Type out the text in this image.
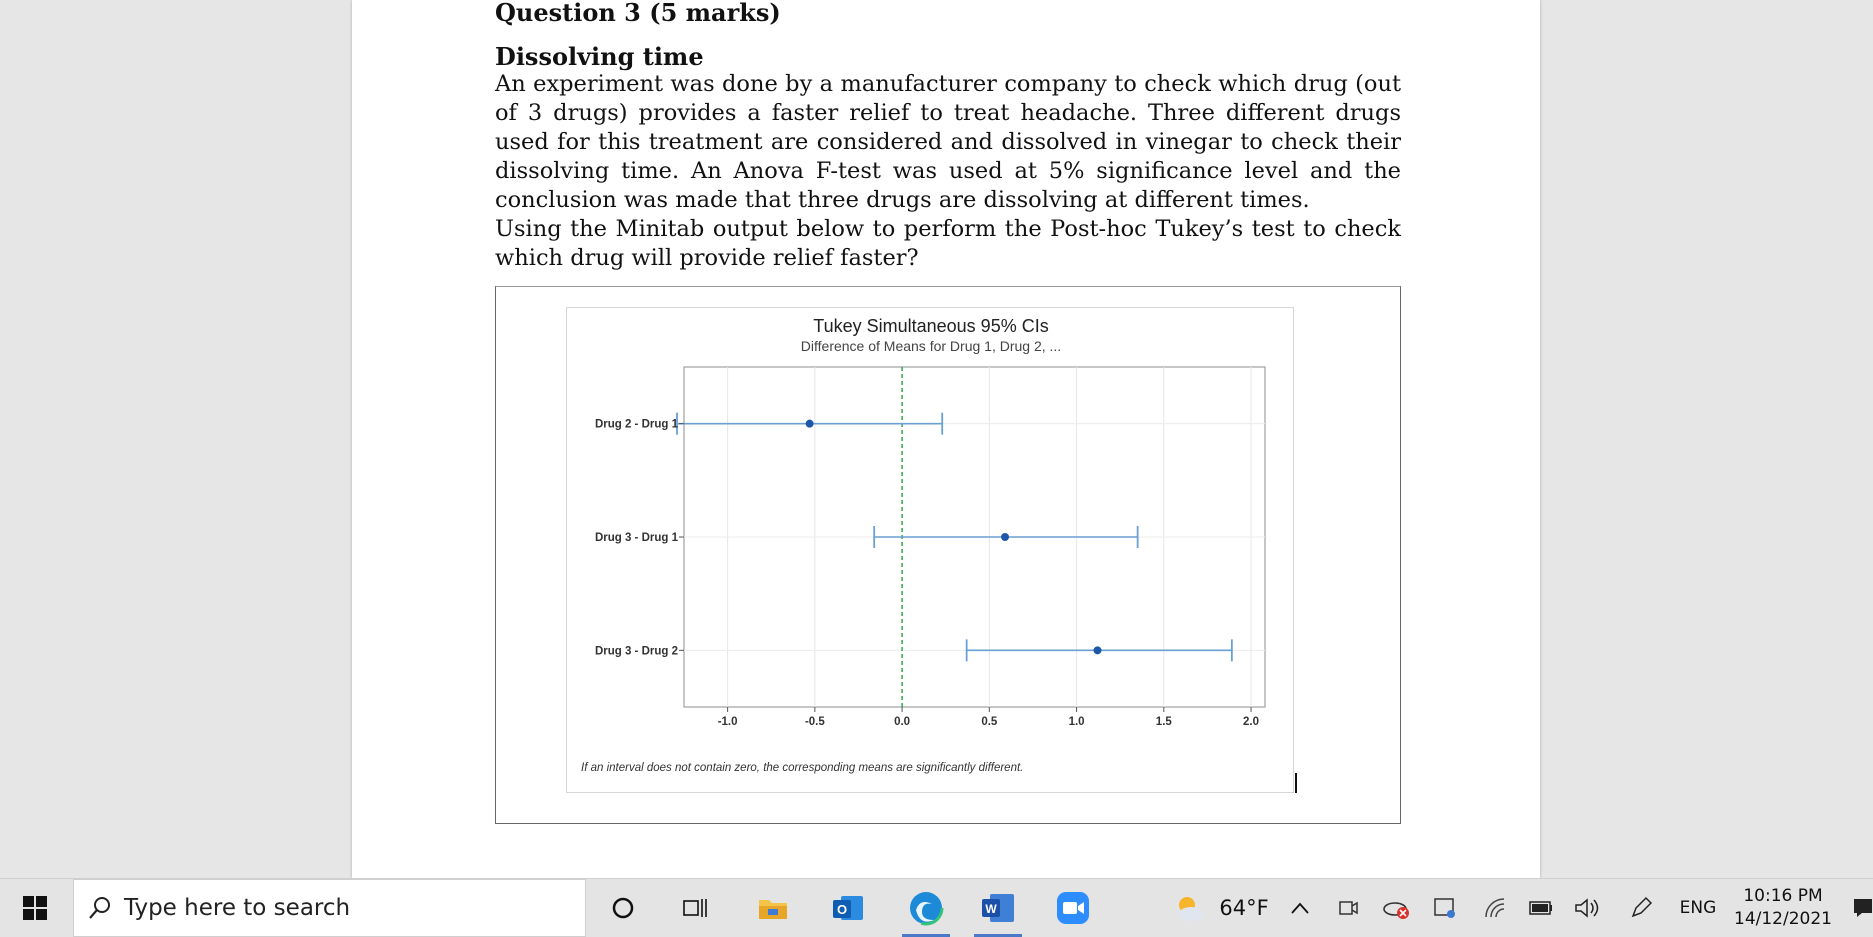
Question 3 (5 marks)
Dissolving time

An experiment was done by a manufacturer company to check which drug (out of 3 drugs) provides a faster relief to treat headache. Three different drugs used for this treatment are considered and dissolved in vinegar to check their dissolving time. An Anova F-test was used at 5% significance level and the conclusion was made that three drugs are dissolving at different times.

Using the Minitab output below to perform the Post-hoc Tukey’s test to check which drug will provide relief faster?

Tukey Simultaneous 95% CIs
Difference of Means for Drug 1, Drug 2, ...
Drug 2 - Drug 1
Drug 3 - Drug 1
Drug 3 - Drug 2
-1.0	-0.5	0.0	0.5	1.0	1.5	2.0
If an interval does not contain zero, the corresponding means are significantly different.
Type here to search	O	W	64°F	ENG
10:16 PM
14/12/2021
